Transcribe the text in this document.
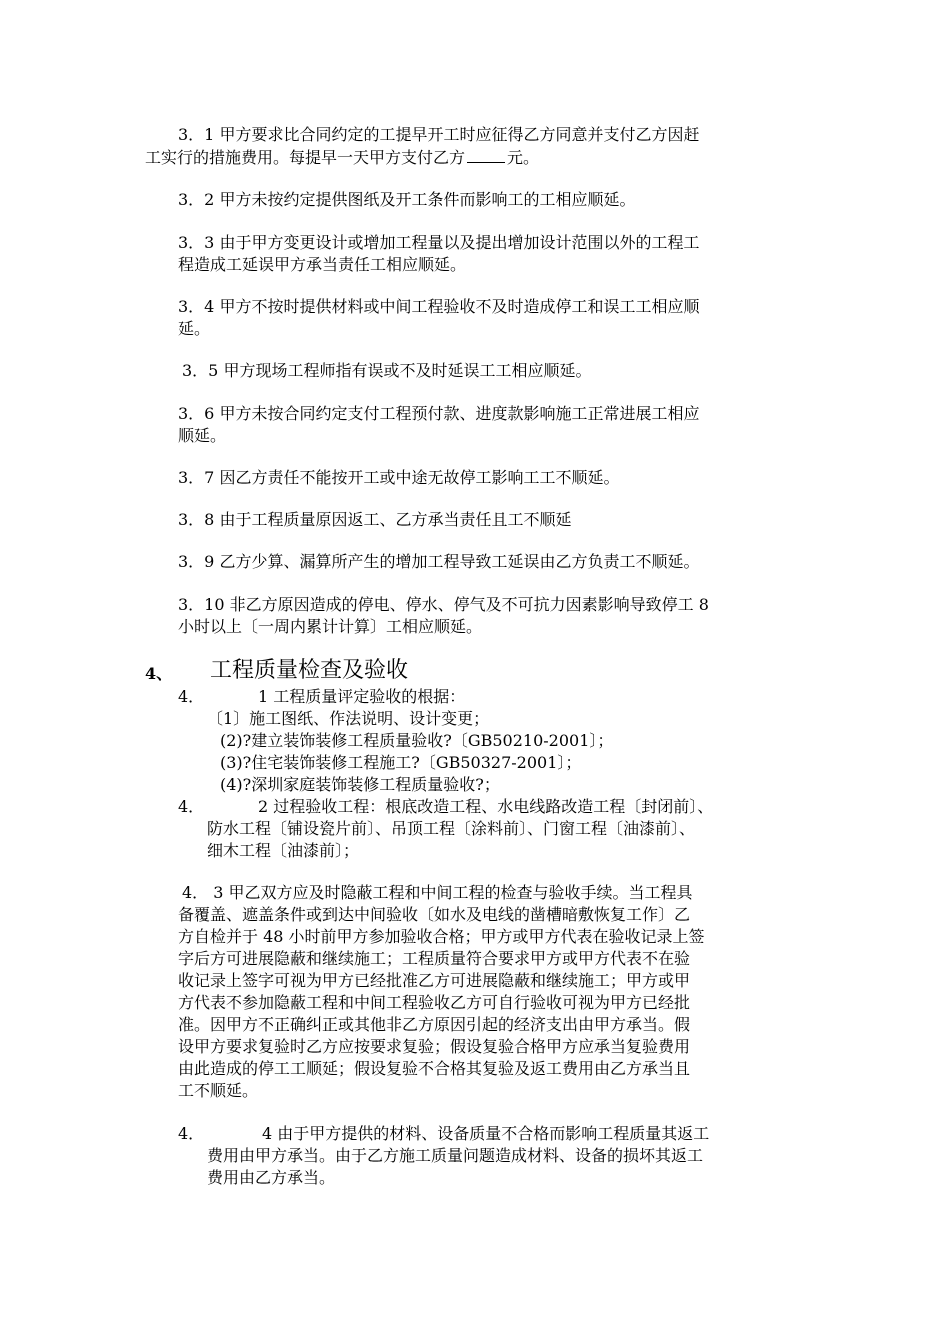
3．1 甲方要求比合同约定的工提早开工时应征得乙方同意并支付乙方因赶
工实行的措施费用。每提早一天甲方支付乙方	元。
3．2 甲方未按约定提供图纸及开工条件而影响工的工相应顺延。
3．3 由于甲方变更设计或增加工程量以及提出增加设计范围以外的工程工
程造成工延误甲方承当责任工相应顺延。
3．4 甲方不按时提供材料或中间工程验收不及时造成停工和误工工相应顺
延。
3．5 甲方现场工程师指有误或不及时延误工工相应顺延。
3．6 甲方未按合同约定支付工程预付款、进度款影响施工正常进展工相应
顺延。
3．7 因乙方责任不能按开工或中途无故停工影响工工不顺延。
3．8 由于工程质量原因返工、乙方承当责任且工不顺延
3．9 乙方少算、漏算所产生的增加工程导致工延误由乙方负责工不顺延。
3．10 非乙方原因造成的停电、停水、停气及不可抗力因素影响导致停工 8
小时以上〔一周内累计计算〕工相应顺延。
4、 工程质量检查及验收
4．	1 工程质量评定验收的根据：
〔1〕施工图纸、作法说明、设计变更；
(2)?建立装饰装修工程质量验收?〔GB50210-2001〕；
(3)?住宅装饰装修工程施工?〔GB50327-2001〕；
(4)?深圳家庭装饰装修工程质量验收?；
4．	2 过程验收工程：根底改造工程、水电线路改造工程〔封闭前〕、
防水工程〔铺设瓷片前〕、吊顶工程〔涂料前〕、门窗工程〔油漆前〕、
细木工程〔油漆前〕；
4． 3 甲乙双方应及时隐蔽工程和中间工程的检查与验收手续。当工程具
备覆盖、遮盖条件或到达中间验收〔如水及电线的凿槽暗敷恢复工作〕乙
方自检并于 48 小时前甲方参加验收合格；甲方或甲方代表在验收记录上签
字后方可进展隐蔽和继续施工；工程质量符合要求甲方或甲方代表不在验
收记录上签字可视为甲方已经批准乙方可进展隐蔽和继续施工；甲方或甲
方代表不参加隐蔽工程和中间工程验收乙方可自行验收可视为甲方已经批
准。因甲方不正确纠正或其他非乙方原因引起的经济支出由甲方承当。假
设甲方要求复验时乙方应按要求复验；假设复验合格甲方应承当复验费用
由此造成的停工工顺延；假设复验不合格其复验及返工费用由乙方承当且
工不顺延。
4．	4 由于甲方提供的材料、设备质量不合格而影响工程质量其返工
费用由甲方承当。由于乙方施工质量问题造成材料、设备的损坏其返工
费用由乙方承当。
